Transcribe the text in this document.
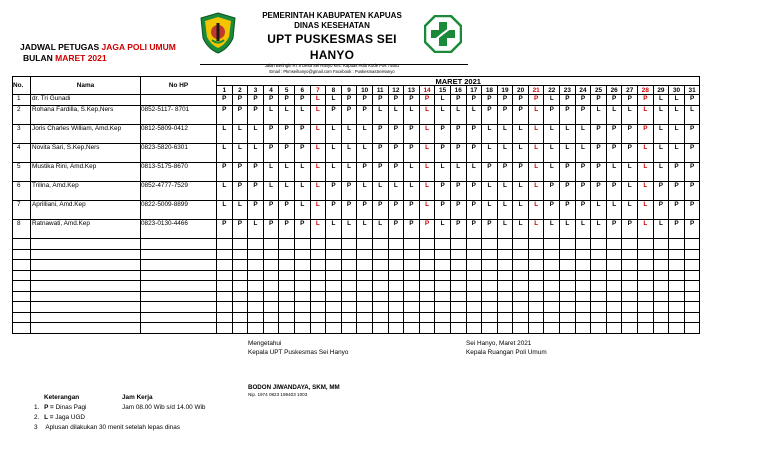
JADWAL PETUGAS JAGA POLI UMUM
BULAN MARET 2021
PEMERINTAH KABUPATEN KAPUAS
DINAS KESEHATAN
UPT PUSKESMAS SEI HANYO
Jalan Beringin RT.II Desa Sei Hanyo Kec. Kapuas Hulu Kode Pos 74581
Email : Pkmseihanyo@gmail.com Facebook : PuskesmasSeiHanyo
No.	Nama	No HP	MARET 2021																														
			1	2	3	4	5	6	7	8	9	10	11	12	13	14	15	16	17	18	19	20	21	22	23	24	25	26	27	28	29	30	31
1	dr. Tri Gunadi		P	P	P	P	P	P	L	L	P	P	P	P	P	P	L	P	P	P	P	P	P	L	P	P	P	P	P	P	L	L	P
2	Rohana Fardilla, S.Kep,Ners	0852-5117- 8701	P	P	P	L	L	L	L	P	P	P	L	L	L	L	L	L	L	P	P	P	L	P	P	P	L	L	L	L	L	L	L
3	Joris Charles William, Amd.Kep	0812-5809-0412	L	L	L	P	P	P	L	L	L	L	P	P	P	L	P	P	P	L	L	L	L	L	L	L	P	P	P	P	L	L	P
4	Novita Sari, S.Kep,Ners	0823-5820-6301	L	L	L	P	P	P	L	L	L	L	P	P	P	L	P	P	P	L	L	L	L	L	L	L	P	P	P	L	L	L	P
5	Mustika Rini, Amd.Kep	0813-5175-8670	P	P	P	L	L	L	L	L	L	P	P	P	L	L	L	L	L	P	P	P	L	L	P	P	P	L	L	L	L	P	P
6	Trilina, Amd.Kep	0852-4777-7529	L	P	P	L	L	L	L	P	P	L	L	L	L	L	P	P	P	L	L	L	L	P	P	P	P	P	L	L	P	P	P
7	Aprilliani, Amd.Kep	0822-5009-8899	L	L	P	P	P	L	L	P	P	P	P	P	P	L	P	P	P	L	L	L	L	P	P	P	L	L	L	L	P	P	P
8	Ratnawati, Amd.Kep	0823-0130-4466	P	P	L	P	P	P	L	L	L	L	L	P	P	P	L	P	P	P	L	L	L	L	L	L	L	P	P	L	L	P	P

Mengetahui
Kepala UPT Puskesmas Sei Hanyo
BODON JIWANDAYA, SKM, MM
Nip. 1974 0823 199403 1003
Sei Hanyo, Maret 2021
Kepala Ruangan Poli Umum
Keterangan	Jam Kerja
1. P = Dinas Pagi	Jam 08.00 Wib s/d 14.00 Wib
2. L = Jaga UGD
3 Aplusan dilakukan 30 menit setelah lepas dinas
